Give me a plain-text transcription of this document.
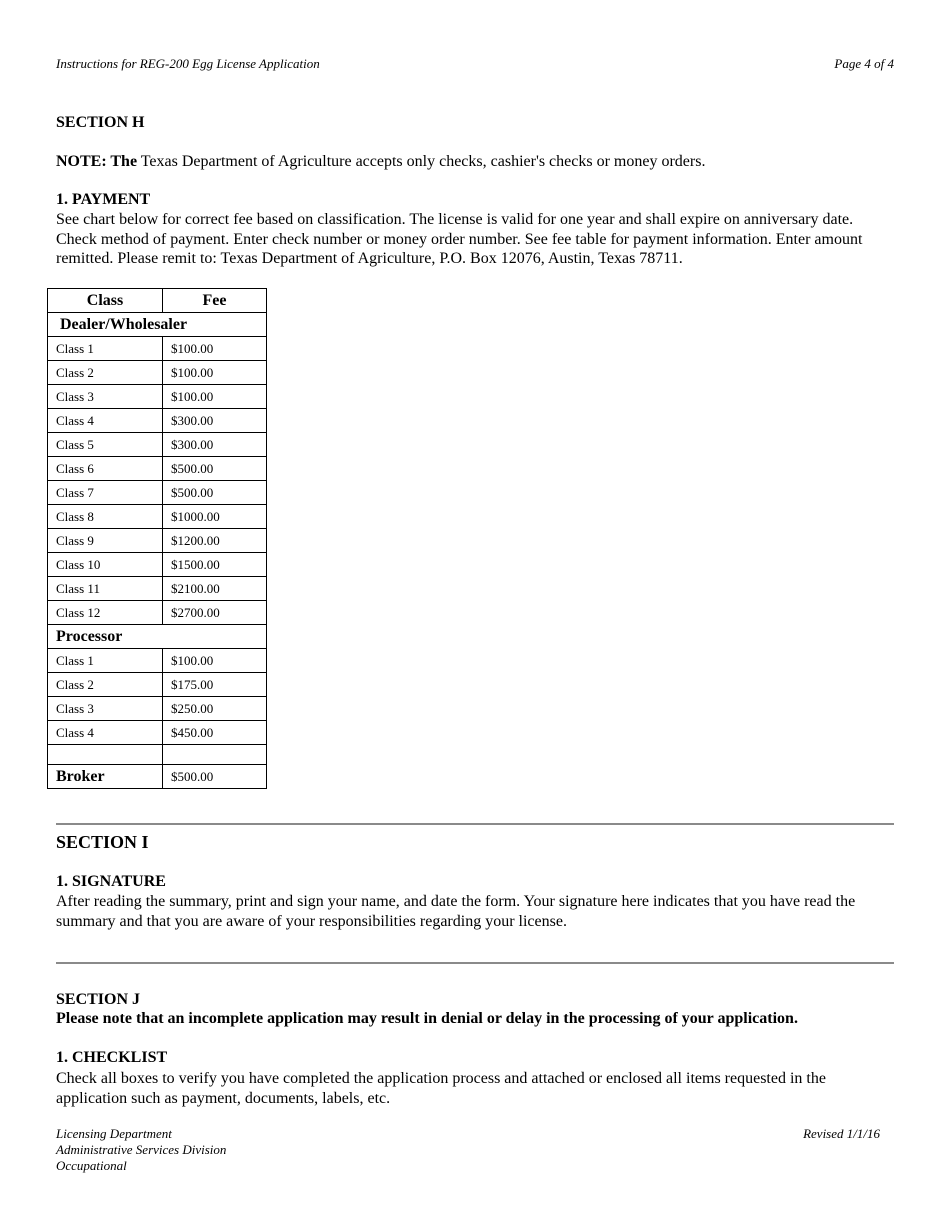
Instructions for REG-200 Egg License Application	Page 4 of 4
SECTION H
NOTE: The Texas Department of Agriculture accepts only checks, cashier's checks or money orders.
1. PAYMENT
See chart below for correct fee based on classification. The license is valid for one year and shall expire on anniversary date. Check method of payment. Enter check number or money order number. See fee table for payment information. Enter amount remitted. Please remit to: Texas Department of Agriculture, P.O. Box 12076, Austin, Texas 78711.
Class	Fee
Dealer/Wholesaler	
Class 1	$100.00
Class 2	$100.00
Class 3	$100.00
Class 4	$300.00
Class 5	$300.00
Class 6	$500.00
Class 7	$500.00
Class 8	$1000.00
Class 9	$1200.00
Class 10	$1500.00
Class 11	$2100.00
Class 12	$2700.00
Processor	
Class 1	$100.00
Class 2	$175.00
Class 3	$250.00
Class 4	$450.00

Broker	$500.00
SECTION I
1. SIGNATURE
After reading the summary, print and sign your name, and date the form. Your signature here indicates that you have read the summary and that you are aware of your responsibilities regarding your license.
SECTION J
Please note that an incomplete application may result in denial or delay in the processing of your application.
1. CHECKLIST
Check all boxes to verify you have completed the application process and attached or enclosed all items requested in the application such as payment, documents, labels, etc.
Licensing Department
Administrative Services Division
Occupational
Revised 1/1/16
